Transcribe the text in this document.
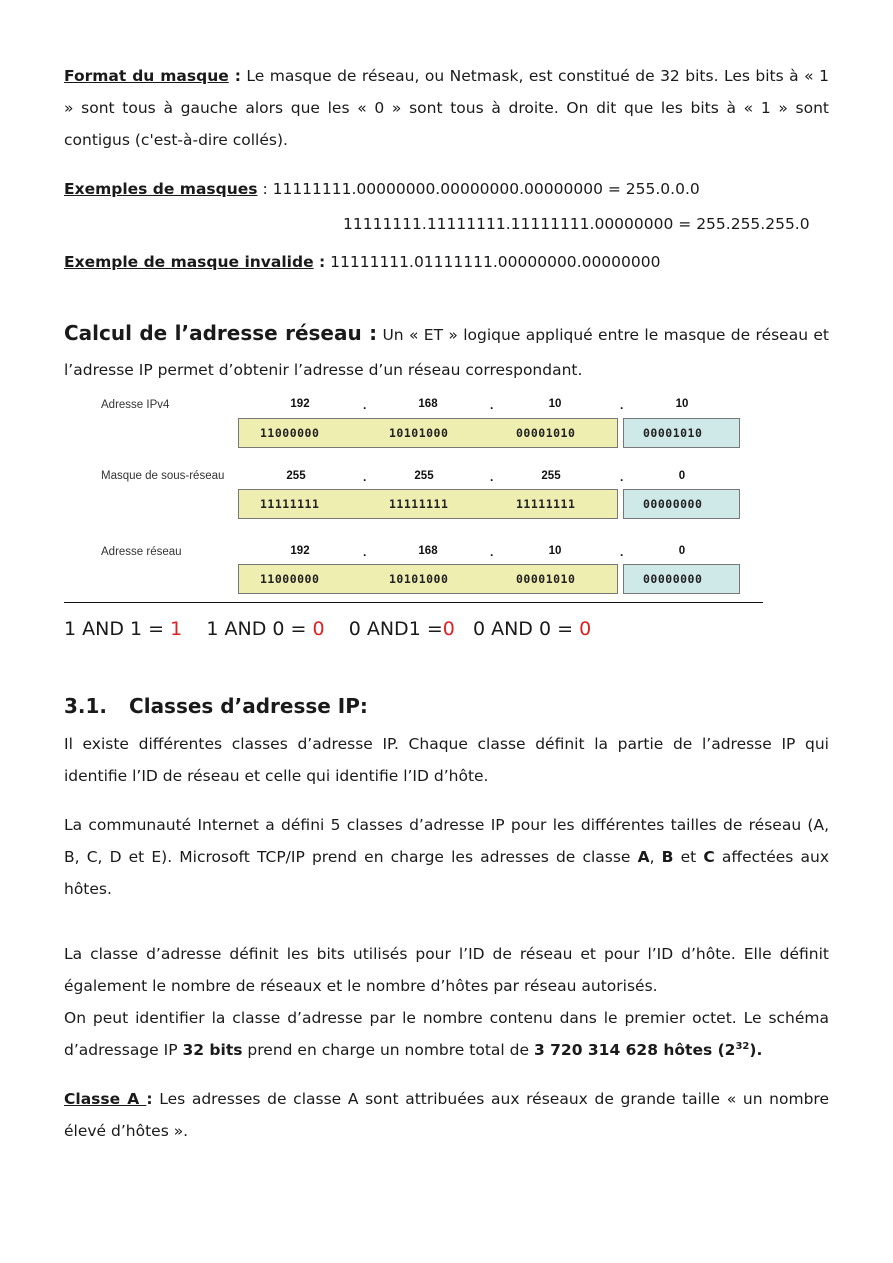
Format du masque : Le masque de réseau, ou Netmask, est constitué de 32 bits. Les bits à « 1 » sont tous à gauche alors que les « 0 » sont tous à droite. On dit que les bits à « 1 » sont contigus (c'est-à-dire collés).
Exemples de masques : 11111111.00000000.00000000.00000000 = 255.0.0.0
11111111.11111111.11111111.00000000 = 255.255.255.0
Exemple de masque invalide : 11111111.01111111.00000000.00000000
Calcul de l’adresse réseau : Un « ET » logique appliqué entre le masque de réseau et l’adresse IP permet d’obtenir l’adresse d’un réseau correspondant.
Adresse IPv4	192	.	168	.	10	.	10
11000000	10101000	00001010	00001010
Masque de sous-réseau	255	.	255	.	255	.	0
11111111	11111111	11111111	00000000
Adresse réseau	192	.	168	.	10	.	0
11000000	10101000	00001010	00000000
1 AND 1 = 1    1 AND 0 = 0    0 AND1 =0   0 AND 0 = 0
3.1. Classes d’adresse IP:
Il existe différentes classes d’adresse IP. Chaque classe définit la partie de l’adresse IP qui identifie l’ID de réseau et celle qui identifie l’ID d’hôte.
La communauté Internet a défini 5 classes d’adresse IP pour les différentes tailles de réseau (A, B, C, D et E). Microsoft TCP/IP prend en charge les adresses de classe A, B et C affectées aux hôtes.
La classe d’adresse définit les bits utilisés pour l’ID de réseau et pour l’ID d’hôte. Elle définit également le nombre de réseaux et le nombre d’hôtes par réseau autorisés.
On peut identifier la classe d’adresse par le nombre contenu dans le premier octet. Le schéma d’adressage IP 32 bits prend en charge un nombre total de 3 720 314 628 hôtes $(2^{32})$.
Classe A : Les adresses de classe A sont attribuées aux réseaux de grande taille « un nombre élevé d’hôtes ».
